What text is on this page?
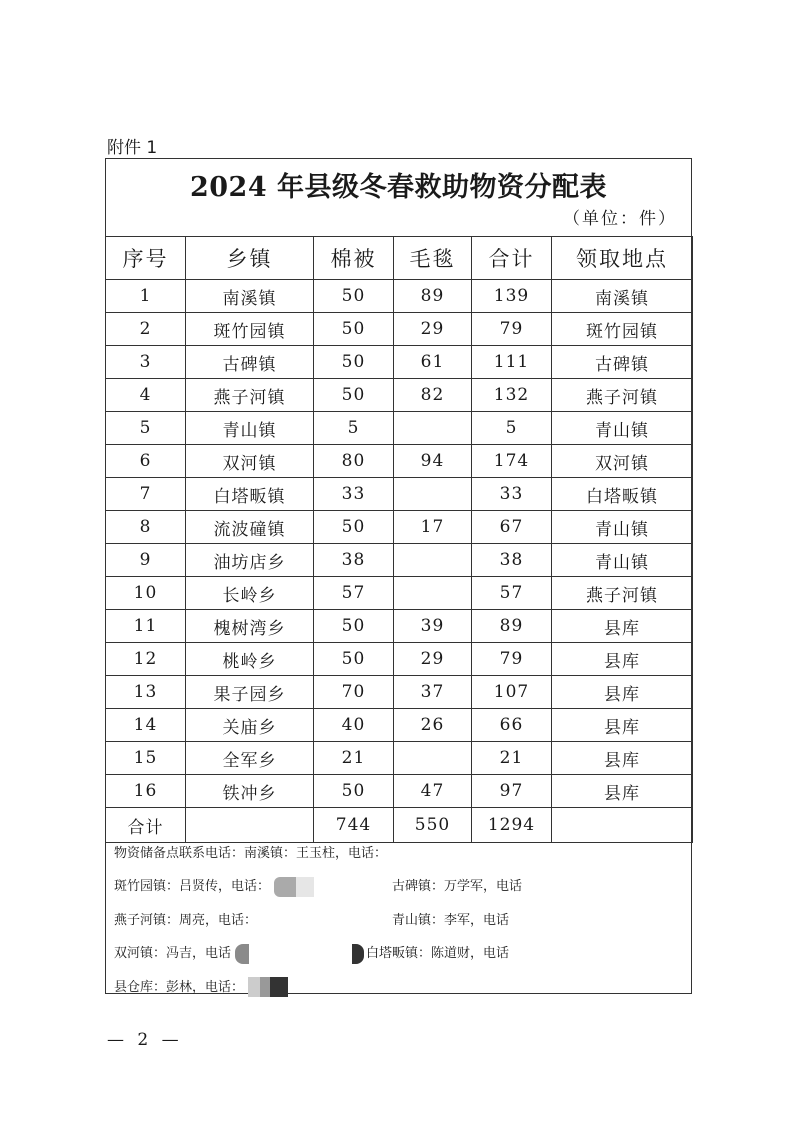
附件 1
2024 年县级冬春救助物资分配表
（单位：件）
序号	乡镇	棉被	毛毯	合计	领取地点
1	南溪镇	50	89	139	南溪镇
2	斑竹园镇	50	29	79	斑竹园镇
3	古碑镇	50	61	111	古碑镇
4	燕子河镇	50	82	132	燕子河镇
5	青山镇	5		5	青山镇
6	双河镇	80	94	174	双河镇
7	白塔畈镇	33		33	白塔畈镇
8	流波䃥镇	50	17	67	青山镇
9	油坊店乡	38		38	青山镇
10	长岭乡	57		57	燕子河镇
11	槐树湾乡	50	39	89	县库
12	桃岭乡	50	29	79	县库
13	果子园乡	70	37	107	县库
14	关庙乡	40	26	66	县库
15	全军乡	21		21	县库
16	铁冲乡	50	47	97	县库
合计		744	550	1294	
物资储备点联系电话：南溪镇：王玉柱，电话：
斑竹园镇：吕贤传，电话：	古碑镇：万学军，电话
燕子河镇：周亮，电话：	青山镇：李军，电话
双河镇：冯吉，电话	白塔畈镇：陈道财，电话
县仓库：彭林，电话：
— 2 —
